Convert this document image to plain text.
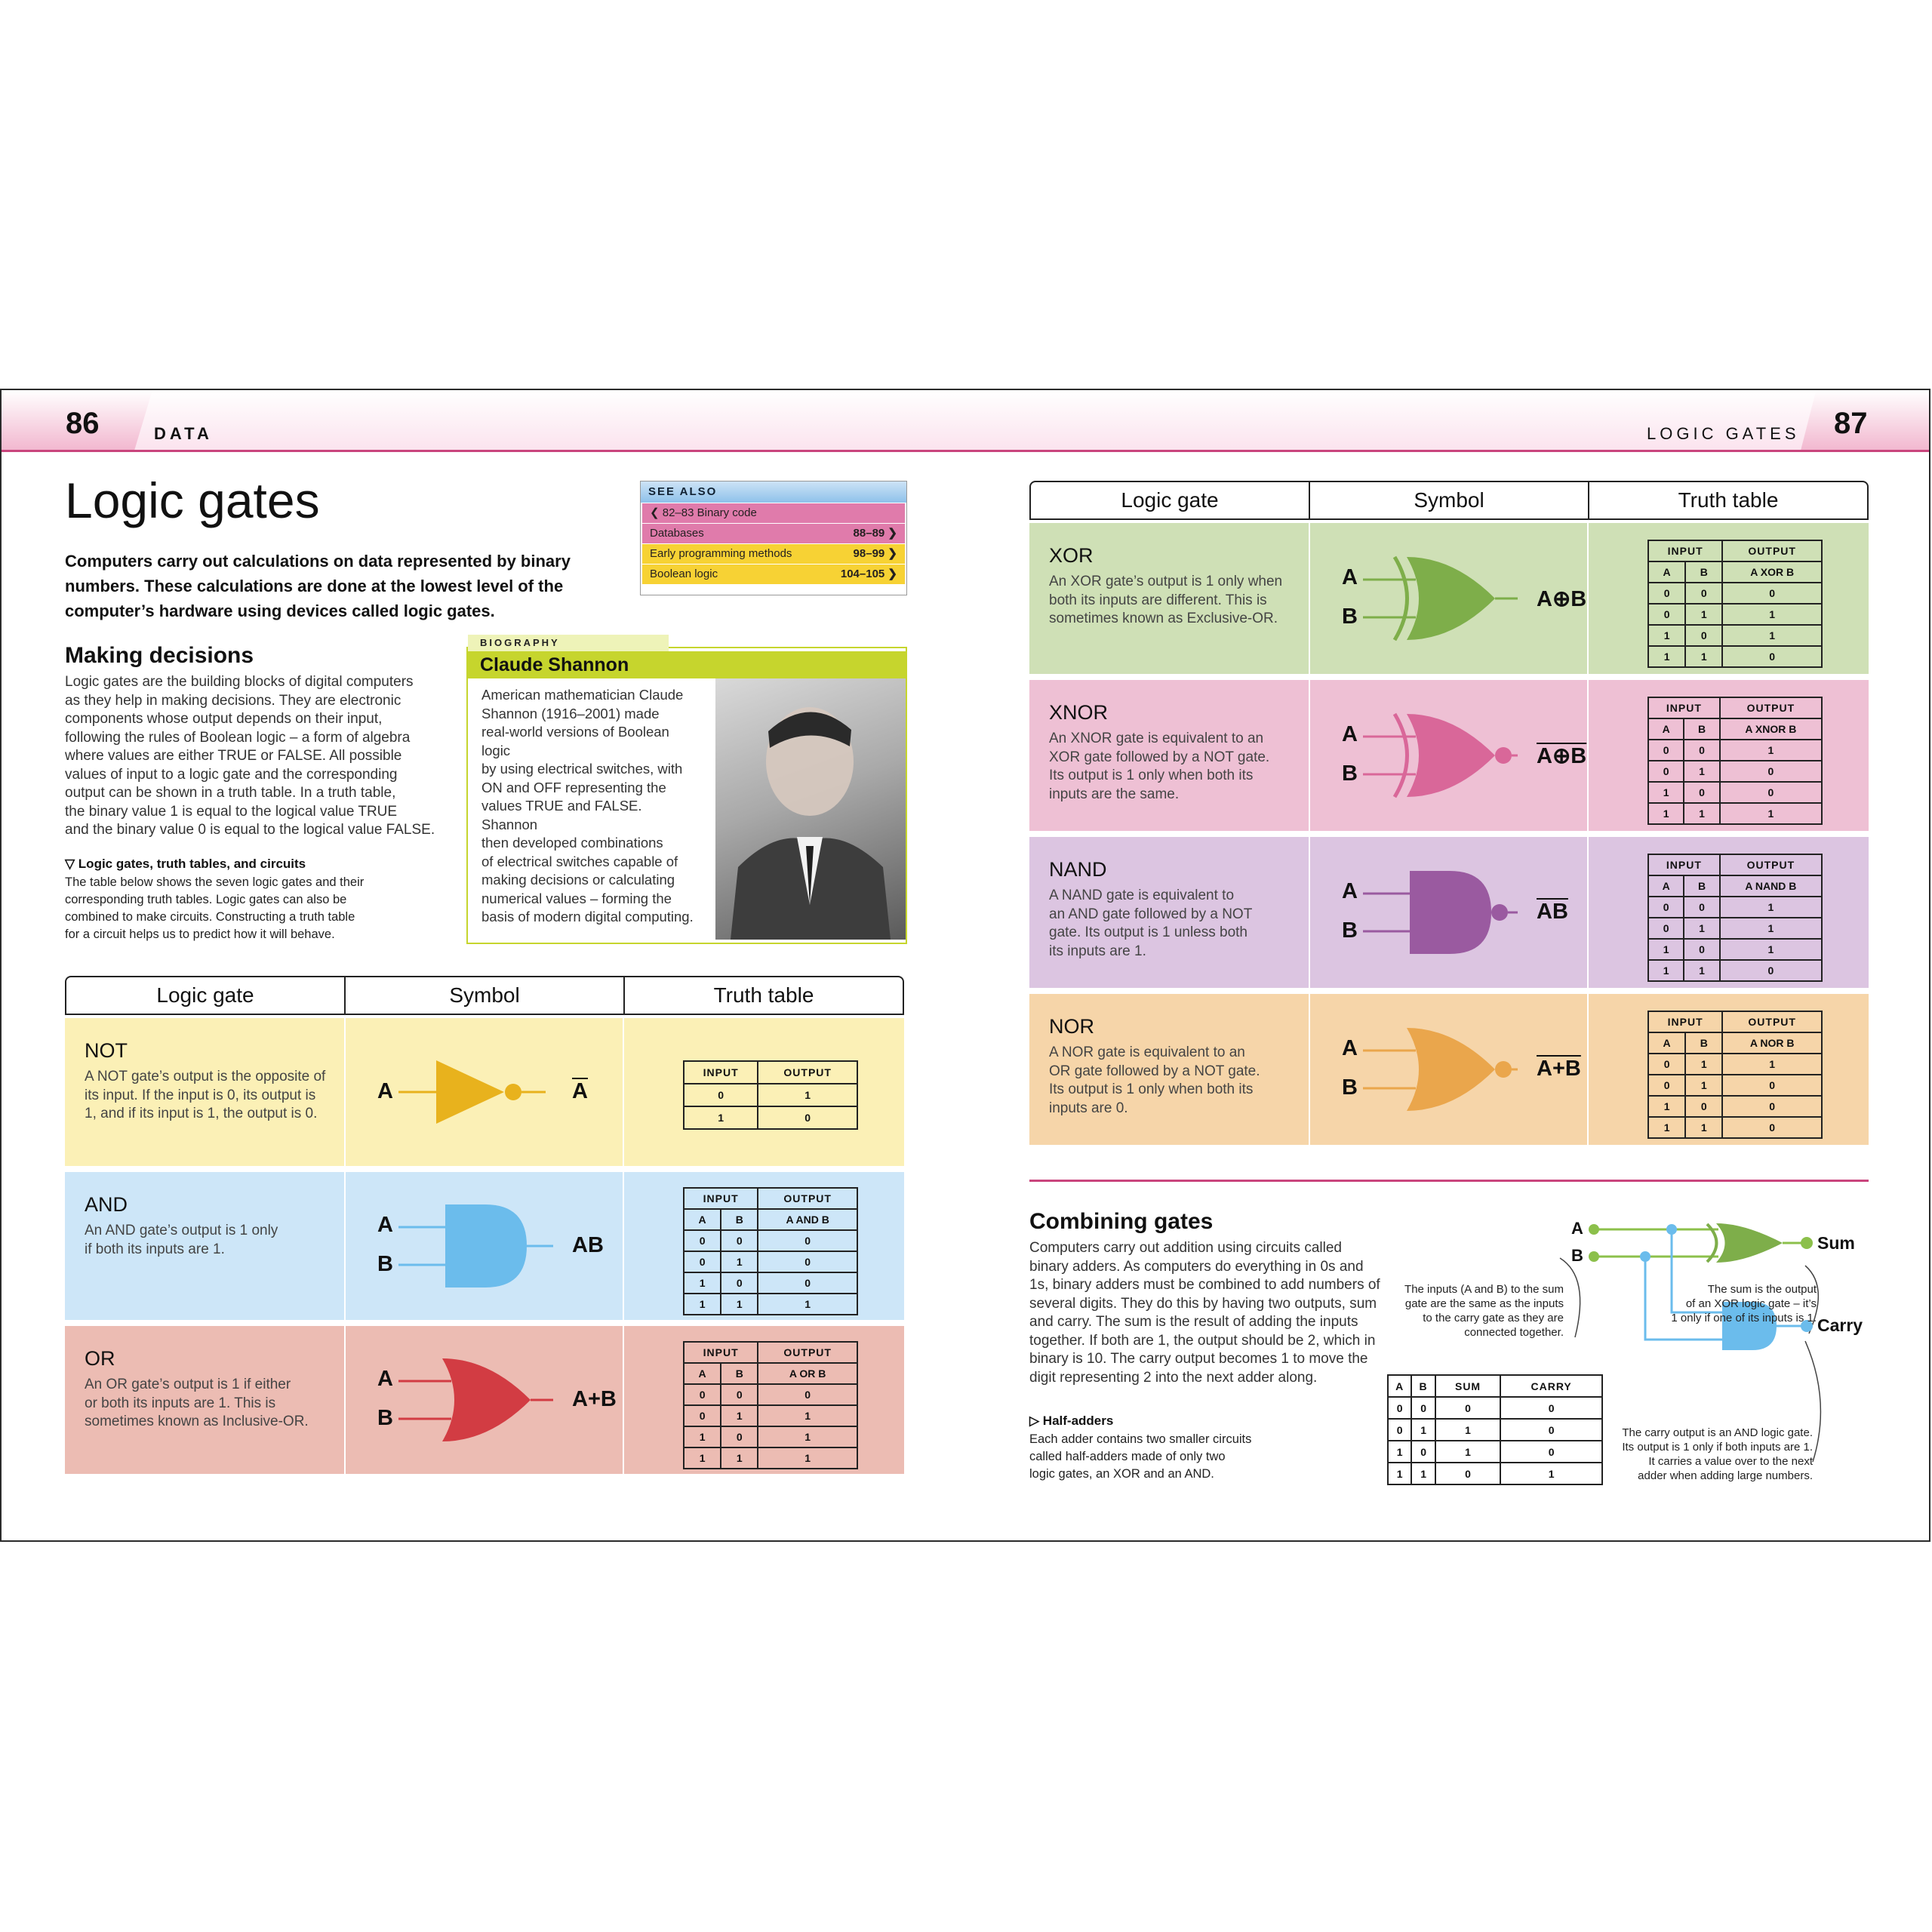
86	DATA	LOGIC GATES 87
Logic gates
Computers carry out calculations on data represented by binary numbers. These calculations are done at the lowest level of the computer’s hardware using devices called logic gates.
SEE ALSO
❮ 82–83 Binary code
Databases	88–89 ❯
Early programming methods	98–99 ❯
Boolean logic	104–105 ❯
Making decisions
Logic gates are the building blocks of digital computers
as they help in making decisions. They are electronic
components whose output depends on their input,
following the rules of Boolean logic – a form of algebra
where values are either TRUE or FALSE. All possible
values of input to a logic gate and the corresponding
output can be shown in a truth table. In a truth table,
the binary value 1 is equal to the logical value TRUE
and the binary value 0 is equal to the logical value FALSE.
▽ Logic gates, truth tables, and circuits
The table below shows the seven logic gates and their
corresponding truth tables. Logic gates can also be
combined to make circuits. Constructing a truth table
for a circuit helps us to predict how it will behave.
BIOGRAPHY
Claude Shannon
American mathematician Claude
Shannon (1916–2001) made
real-world versions of Boolean logic
by using electrical switches, with
ON and OFF representing the
values TRUE and FALSE. Shannon
then developed combinations
of electrical switches capable of
making decisions or calculating
numerical values – forming the
basis of modern digital computing.
Logic gate	Symbol	Truth table
NOT
A NOT gate’s output is the opposite of
its input. If the input is 0, its output is
1, and if its input is 1, the output is 0.
A	$\overline{A}$
INPUT	OUTPUT
0	1
1	0
AND
An AND gate’s output is 1 only
if both its inputs are 1.
A
B
AB
INPUT		OUTPUT
A	B	A AND B
0	0	0
0	1	0
1	0	0
1	1	1
OR
An OR gate’s output is 1 if either
or both its inputs are 1. This is
sometimes known as Inclusive-OR.
A
B
A+B
INPUT		OUTPUT
A	B	A OR B
0	0	0
0	1	1
1	0	1
1	1	1
Logic gate	Symbol	Truth table
XOR
An XOR gate’s output is 1 only when
both its inputs are different. This is
sometimes known as Exclusive-OR.
A
B
A⊕B
INPUT		OUTPUT
A	B	A XOR B
0	0	0
0	1	1
1	0	1
1	1	0
XNOR
An XNOR gate is equivalent to an
XOR gate followed by a NOT gate.
Its output is 1 only when both its
inputs are the same.
A
B
A⊕B
INPUT		OUTPUT
A	B	A XNOR B
0	0	1
0	1	0
1	0	0
1	1	1
NAND
A NAND gate is equivalent to
an AND gate followed by a NOT
gate. Its output is 1 unless both
its inputs are 1.
A
B
$\overline{AB}$
INPUT		OUTPUT
A	B	A NAND B
0	0	1
0	1	1
1	0	1
1	1	0
NOR
A NOR gate is equivalent to an
OR gate followed by a NOT gate.
Its output is 1 only when both its
inputs are 0.
A
B
A+B
INPUT		OUTPUT
A	B	A NOR B
0	1	1
0	1	0
1	0	0
1	1	0
Combining gates
Computers carry out addition using circuits called
binary adders. As computers do everything in 0s and
1s, binary adders must be combined to add numbers of
several digits. They do this by having two outputs, sum
and carry. The sum is the result of adding the inputs
together. If both are 1, the output should be 2, which in
binary is 10. The carry output becomes 1 to move the
digit representing 2 into the next adder along.
▷ Half-adders
Each adder contains two smaller circuits
called half-adders made of only two
logic gates, an XOR and an AND.
A	B	SUM	CARRY
0	0	0	0
0	1	1	0
1	0	1	0
1	1	0	1
A
B
Sum
Carry
The inputs (A and B) to the sum
gate are the same as the inputs
to the carry gate as they are
connected together.
The sum is the output
of an XOR logic gate – it’s
1 only if one of its inputs is 1.
The carry output is an AND logic gate.
Its output is 1 only if both inputs are 1.
It carries a value over to the next
adder when adding large numbers.
